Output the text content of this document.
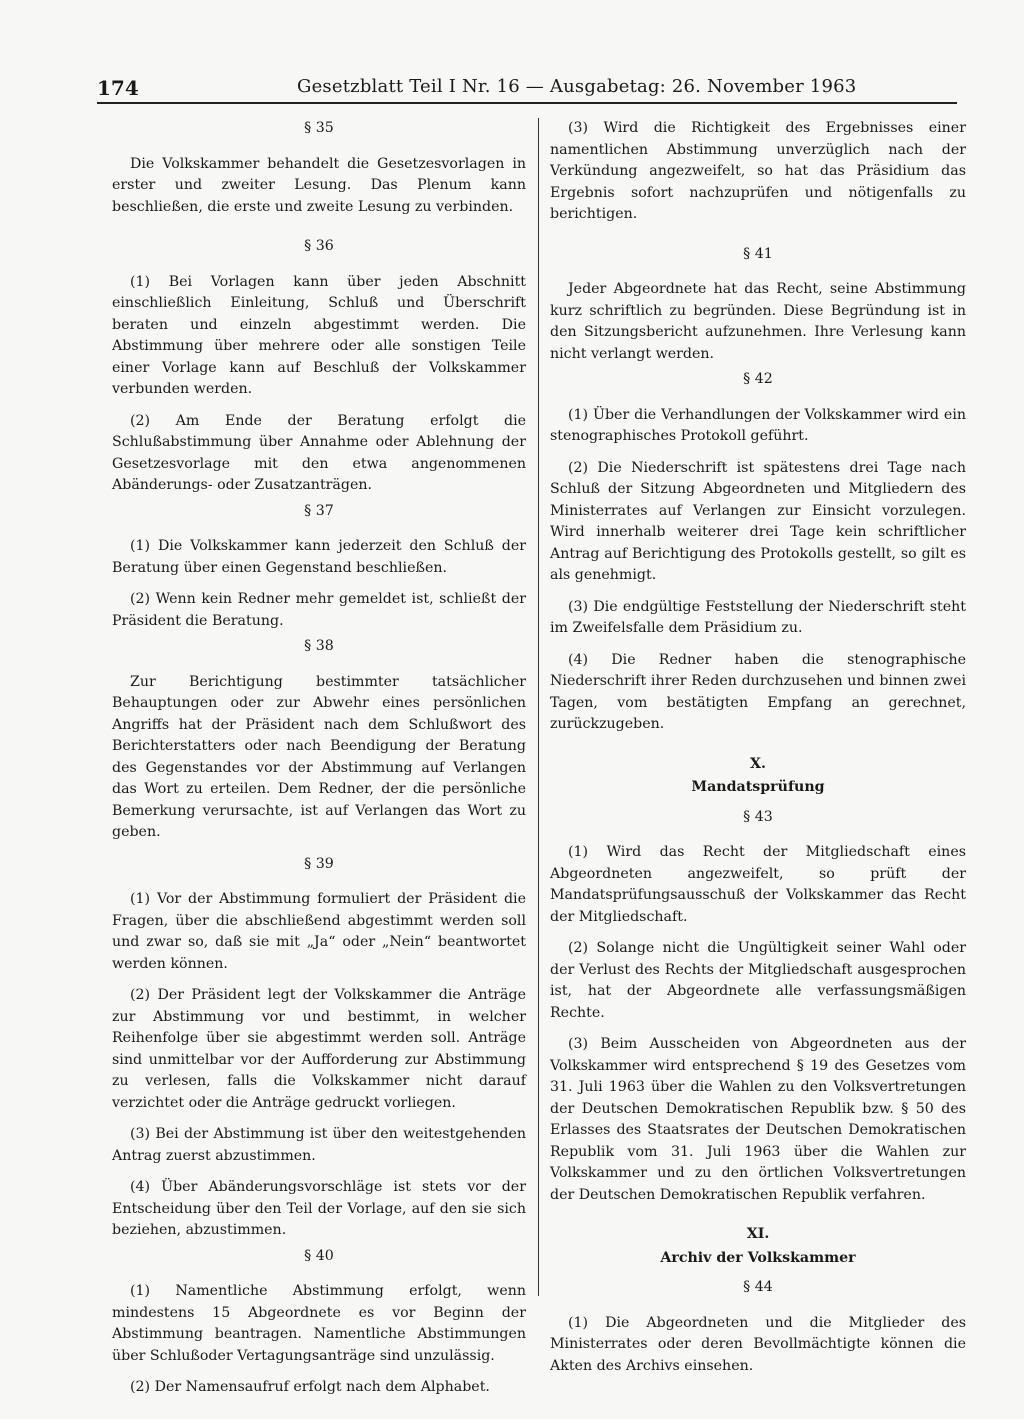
174	Gesetzblatt Teil I Nr. 16 — Ausgabetag: 26. November 1963
§ 35

Die Volkskammer behandelt die Gesetzesvorlagen in erster und zweiter Lesung. Das Plenum kann beschließen, die erste und zweite Lesung zu verbinden.

§ 36

(1) Bei Vorlagen kann über jeden Abschnitt einschließlich Einleitung, Schluß und Überschrift beraten und einzeln abgestimmt werden. Die Abstimmung über mehrere oder alle sonstigen Teile einer Vorlage kann auf Beschluß der Volkskammer verbunden werden.

(2) Am Ende der Beratung erfolgt die Schlußabstimmung über Annahme oder Ablehnung der Gesetzesvorlage mit den etwa angenommenen Abänderungs- oder Zusatzanträgen.

§ 37

(1) Die Volkskammer kann jederzeit den Schluß der Beratung über einen Gegenstand beschließen.

(2) Wenn kein Redner mehr gemeldet ist, schließt der Präsident die Beratung.

§ 38

Zur Berichtigung bestimmter tatsächlicher Behauptungen oder zur Abwehr eines persönlichen Angriffs hat der Präsident nach dem Schlußwort des Berichterstatters oder nach Beendigung der Beratung des Gegenstandes vor der Abstimmung auf Verlangen das Wort zu erteilen. Dem Redner, der die persönliche Bemerkung verursachte, ist auf Verlangen das Wort zu geben.

§ 39

(1) Vor der Abstimmung formuliert der Präsident die Fragen, über die abschließend abgestimmt werden soll und zwar so, daß sie mit „Ja“ oder „Nein“ beantwortet werden können.

(2) Der Präsident legt der Volkskammer die Anträge zur Abstimmung vor und bestimmt, in welcher Reihenfolge über sie abgestimmt werden soll. Anträge sind unmittelbar vor der Aufforderung zur Abstimmung zu verlesen, falls die Volkskammer nicht darauf verzichtet oder die Anträge gedruckt vorliegen.

(3) Bei der Abstimmung ist über den weitestgehenden Antrag zuerst abzustimmen.

(4) Über Abänderungsvorschläge ist stets vor der Entscheidung über den Teil der Vorlage, auf den sie sich beziehen, abzustimmen.

§ 40

(1) Namentliche Abstimmung erfolgt, wenn mindestens 15 Abgeordnete es vor Beginn der Abstimmung beantragen. Namentliche Abstimmungen über Schlußoder Vertagungsanträge sind unzulässig.

(2) Der Namensaufruf erfolgt nach dem Alphabet.

(3) Wird die Richtigkeit des Ergebnisses einer namentlichen Abstimmung unverzüglich nach der Verkündung angezweifelt, so hat das Präsidium das Ergebnis sofort nachzuprüfen und nötigenfalls zu berichtigen.

§ 41

Jeder Abgeordnete hat das Recht, seine Abstimmung kurz schriftlich zu begründen. Diese Begründung ist in den Sitzungsbericht aufzunehmen. Ihre Verlesung kann nicht verlangt werden.

§ 42

(1) Über die Verhandlungen der Volkskammer wird ein stenographisches Protokoll geführt.

(2) Die Niederschrift ist spätestens drei Tage nach Schluß der Sitzung Abgeordneten und Mitgliedern des Ministerrates auf Verlangen zur Einsicht vorzulegen. Wird innerhalb weiterer drei Tage kein schriftlicher Antrag auf Berichtigung des Protokolls gestellt, so gilt es als genehmigt.

(3) Die endgültige Feststellung der Niederschrift steht im Zweifelsfalle dem Präsidium zu.

(4) Die Redner haben die stenographische Niederschrift ihrer Reden durchzusehen und binnen zwei Tagen, vom bestätigten Empfang an gerechnet, zurückzugeben.

X.
Mandatsprüfung
§ 43

(1) Wird das Recht der Mitgliedschaft eines Abgeordneten angezweifelt, so prüft der Mandatsprüfungsausschuß der Volkskammer das Recht der Mitgliedschaft.

(2) Solange nicht die Ungültigkeit seiner Wahl oder der Verlust des Rechts der Mitgliedschaft ausgesprochen ist, hat der Abgeordnete alle verfassungsmäßigen Rechte.

(3) Beim Ausscheiden von Abgeordneten aus der Volkskammer wird entsprechend § 19 des Gesetzes vom 31. Juli 1963 über die Wahlen zu den Volksvertretungen der Deutschen Demokratischen Republik bzw. § 50 des Erlasses des Staatsrates der Deutschen Demokratischen Republik vom 31. Juli 1963 über die Wahlen zur Volkskammer und zu den örtlichen Volksvertretungen der Deutschen Demokratischen Republik verfahren.

XI.
Archiv der Volkskammer
§ 44

(1) Die Abgeordneten und die Mitglieder des Ministerrates oder deren Bevollmächtigte können die Akten des Archivs einsehen.
